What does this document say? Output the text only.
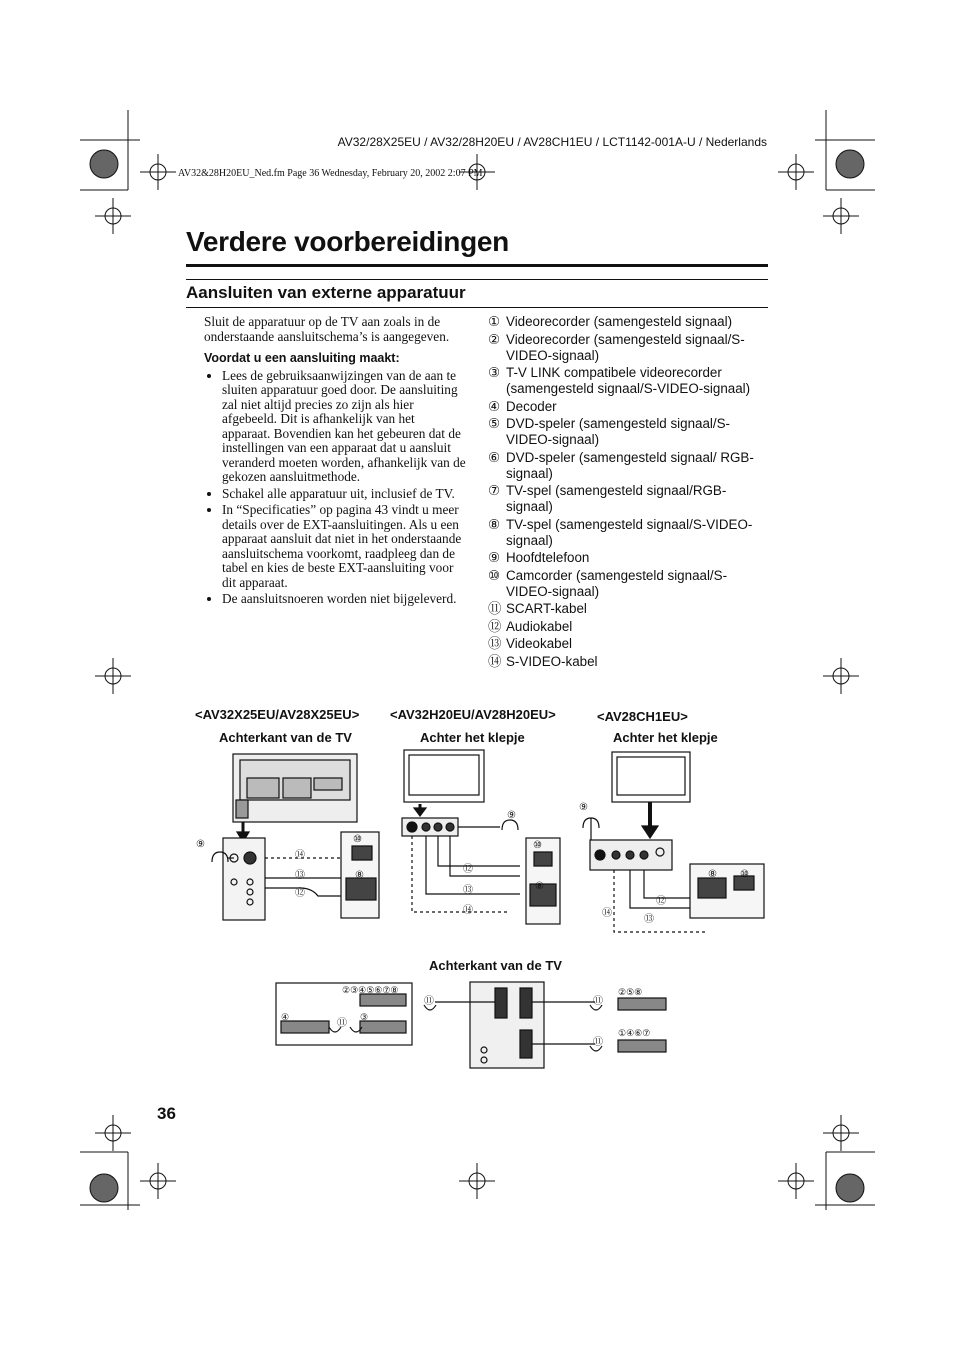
AV32/28X25EU / AV32/28H20EU / AV28CH1EU / LCT1142-001A-U / Nederlands
AV32&28H20EU_Ned.fm Page 36 Wednesday, February 20, 2002 2:07 PM
Verdere voorbereidingen
Aansluiten van externe apparatuur
Sluit de apparatuur op de TV aan zoals in de onderstaande aansluitschema’s is aangegeven.
Voordat u een aansluiting maakt:
• Lees de gebruiksaanwijzingen van de aan te sluiten apparatuur goed door. De aansluiting zal niet altijd precies zo zijn als hier afgebeeld. Dit is afhankelijk van het apparaat. Bovendien kan het gebeuren dat de instellingen van een apparaat dat u aansluit veranderd moeten worden, afhankelijk van de gekozen aansluitmethode.
• Schakel alle apparatuur uit, inclusief de TV.
• In “Specificaties” op pagina 43 vindt u meer details over de EXT-aansluitingen. Als u een apparaat aansluit dat niet in het onderstaande aansluitschema voorkomt, raadpleeg dan de tabel en kies de beste EXT-aansluiting voor dit apparaat.
• De aansluitsnoeren worden niet bijgeleverd.
① Videorecorder (samengesteld signaal)
② Videorecorder (samengesteld signaal/S-VIDEO-signaal)
③ T-V LINK compatibele videorecorder (samengesteld signaal/S-VIDEO-signaal)
④ Decoder
⑤ DVD-speler (samengesteld signaal/S-VIDEO-signaal)
⑥ DVD-speler (samengesteld signaal/ RGB-signaal)
⑦ TV-spel (samengesteld signaal/RGB-signaal)
⑧ TV-spel (samengesteld signaal/S-VIDEO-signaal)
⑨ Hoofdtelefoon
⑩ Camcorder (samengesteld signaal/S-VIDEO-signaal)
⑪ SCART-kabel
⑫ Audiokabel
⑬ Videokabel
⑭ S-VIDEO-kabel
<AV32X25EU/AV28X25EU> <AV32H20EU/AV28H20EU>	<AV28CH1EU>
Achterkant van de TV	Achter het klepje	Achter het klepje
Achterkant van de TV
⑨
⑭
⑬
⑫
⑩
⑧
⑨
⑩
⑫
⑧
⑬
⑭
⑨
⑧ ⑩
⑫
⑬
⑭
②③④⑤⑥⑦⑧
④	③
⑪
⑪	⑪
⑪
②⑤⑧
①④⑥⑦
36
